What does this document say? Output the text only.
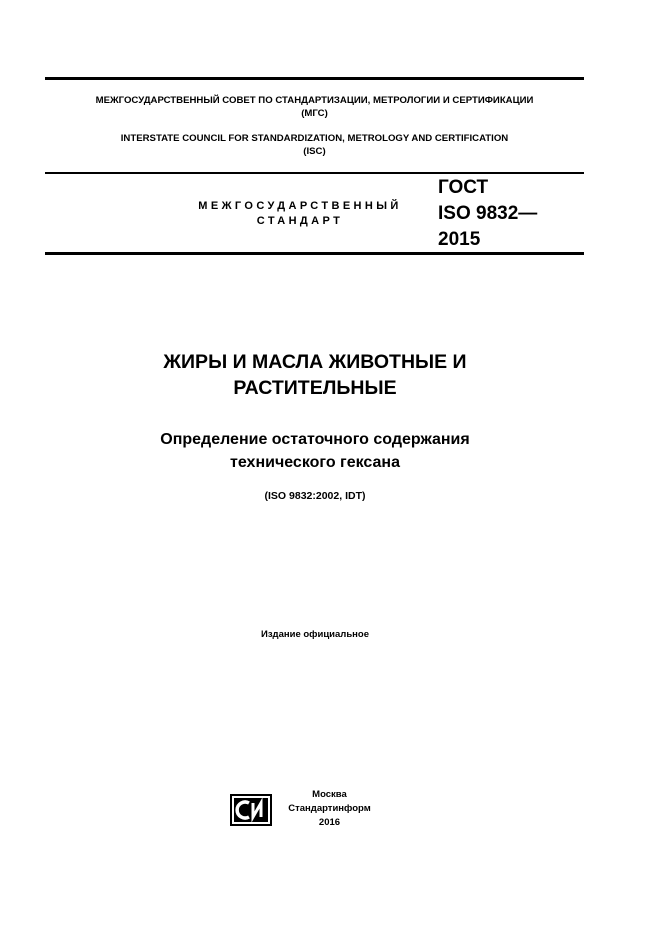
МЕЖГОСУДАРСТВЕННЫЙ СОВЕТ ПО СТАНДАРТИЗАЦИИ, МЕТРОЛОГИИ И СЕРТИФИКАЦИИ
(МГС)
INTERSTATE COUNCIL FOR STANDARDIZATION, METROLOGY AND CERTIFICATION
(ISC)
МЕЖГОСУДАРСТВЕННЫЙ
СТАНДАРТ
ГОСТ
ISO 9832—
2015
ЖИРЫ И МАСЛА ЖИВОТНЫЕ И
РАСТИТЕЛЬНЫЕ
Определение остаточного содержания
технического гексана
(ISO 9832:2002, IDT)
Издание официальное
Москва
Стандартинформ
2016
